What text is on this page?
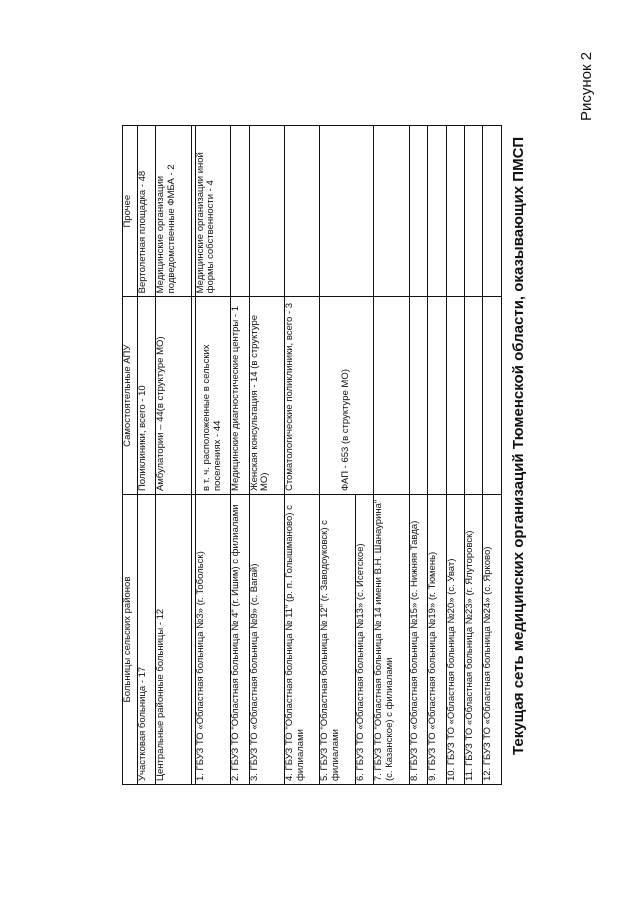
Рисунок 2
Текущая сеть медицинских организаций Тюменской области, оказывающих ПМСП
Больницы сельских районов	Самостоятельные АПУ	Прочее
Участковая больница - 17	Поликлиники, всего - 10	Вертолетная площадка - 48
Центральные районные больницы - 12	Амбулатории – 44(в структуре МО)	Медицинские организации подведомственные ФМБА - 2

1. ГБУЗ ТО «Областная больница №3» (г. Тобольск)	в т. ч. расположенные в сельских поселениях - 44	Медицинские организации иной формы собственности - 4
2. ГБУЗ ТО "Областная больница № 4" (г. Ишим) с филиалами	Медицинские диагностические центры - 1	
3. ГБУЗ ТО «Областная больница №9» (с. Вагай)	Женская консультация - 14 (в структуре МО)	
4. ГБУЗ ТО "Областная больница № 11" (р. п. Голышманово) с филиалами	Стоматологические поликлиники, всего - 3	
5. ГБУЗ ТО "Областная больница № 12" (г. Заводоуковск) с филиалами	ФАП - 653 (в структуре МО)	
6. ГБУЗ ТО «Областная больница №13» (с. Исетское)		
7. ГБУЗ ТО "Областная больница № 14 имени В.Н. Шанаурина" (с. Казанское) с филиалами		
8. ГБУЗ ТО «Областная больница №15» (с. Нижняя Тавда)		
9. ГБУЗ ТО «Областная больница №19» (г. Тюмень)		
10. ГБУЗ ТО «Областная больница №20» (с. Уват)		
11. ГБУЗ ТО «Областная больница №23» (г. Ялуторовск)		
12. ГБУЗ ТО «Областная больница №24» (с. Ярково)		
